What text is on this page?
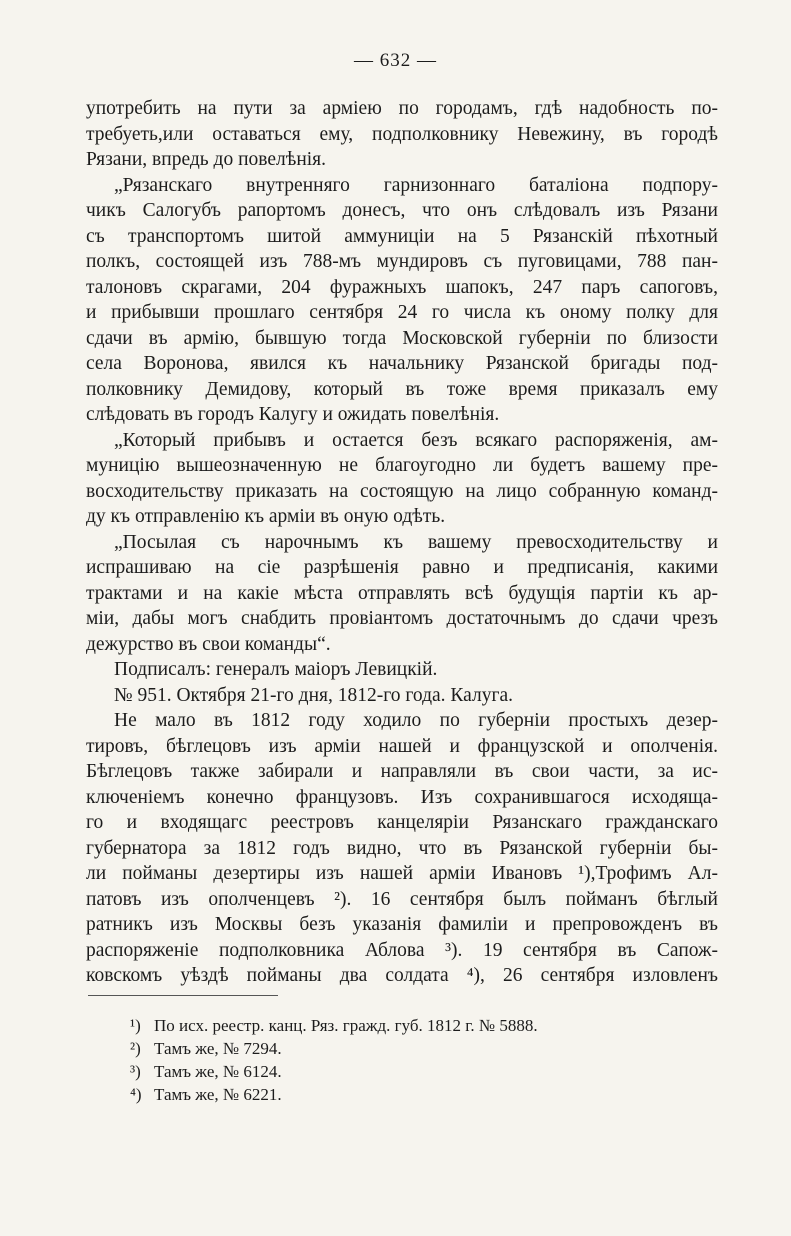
— 632 —
употребить на пути за арміею по городамъ, гдѣ надобность по-
требуеть,или оставаться ему, подполковнику Невежину, въ городѣ
Рязани, впредь до повелѣнія.
„Рязанскаго внутренняго гарнизоннаго баталіона подпору-
чикъ Салогубъ рапортомъ донесъ, что онъ слѣдовалъ изъ Рязани
съ транспортомъ шитой аммуниціи на 5 Рязанскій пѣхотный
полкъ, состоящей изъ 788-мъ мундировъ съ пуговицами, 788 пан-
талоновъ скрагами, 204 фуражныхъ шапокъ, 247 паръ сапоговъ,
и прибывши прошлаго сентября 24 го числа къ оному полку для
сдачи въ армію, бывшую тогда Московской губерніи по близости
села Воронова, явился къ начальнику Рязанской бригады под-
полковнику Демидову, который въ тоже время приказалъ ему
слѣдовать въ городъ Калугу и ожидать повелѣнія.
„Который прибывъ и остается безъ всякаго распоряженія, ам-
муницію вышеозначенную не благоугодно ли будетъ вашему пре-
восходительству приказать на состоящую на лицо собранную команд-
ду къ отправленію къ арміи въ оную одѣть.
„Посылая съ нарочнымъ къ вашему превосходительству и
испрашиваю на сіе разрѣшенія равно и предписанія, какими
трактами и на какіе мѣста отправлять всѣ будущія партіи къ ар-
міи, дабы могъ снабдить провіантомъ достаточнымъ до сдачи чрезъ
дежурство въ свои команды“.
Подписалъ: генералъ маіоръ Левицкій.
№ 951. Октября 21-го дня, 1812-го года. Калуга.
Не мало въ 1812 году ходило по губерніи простыхъ дезер-
тировъ, бѣглецовъ изъ арміи нашей и французской и ополченія.
Бѣглецовъ также забирали и направляли въ свои части, за ис-
ключеніемъ конечно французовъ. Изъ сохранившагося исходяща-
го и входящагс реестровъ канцеляріи Рязанскаго гражданскаго
губернатора за 1812 годъ видно, что въ Рязанской губерніи бы-
ли пойманы дезертиры изъ нашей арміи Ивановъ ¹),Трофимъ Ал-
патовъ изъ ополченцевъ ²). 16 сентября былъ пойманъ бѣглый
ратникъ изъ Москвы безъ указанія фамиліи и препровожденъ въ
распоряженіе подполковника Аблова ³). 19 сентября въ Сапож-
ковскомъ уѣздѣ пойманы два солдата ⁴), 26 сентября изловленъ
¹) По исх. реестр. канц. Ряз. гражд. губ. 1812 г. № 5888.
²) Тамъ же, № 7294.
³) Тамъ же, № 6124.
⁴) Тамъ же, № 6221.
